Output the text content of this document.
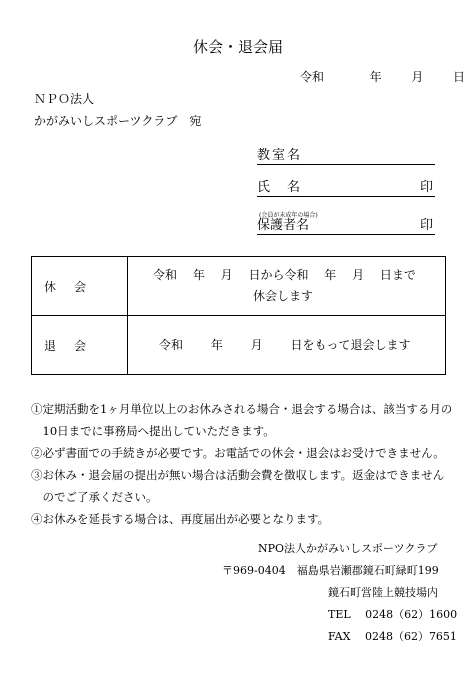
休会・退会届
令和	年 月 日
ＮＰＯ法人
かがみいしスポーツクラブ　宛
教室名
氏　名	印
(会員が未成年の場合)
保護者名	印
休会	令和　 年　 月　 日から令和　 年　 月　 日まで
休会します

退会	令和　　 年　　 月　　 日をもって退会します
①定期活動を1ヶ月単位以上のお休みされる場合・退会する場合は、該当する月の
　10日までに事務局へ提出していただきます。
②必ず書面での手続きが必要です。お電話での休会・退会はお受けできません。
③お休み・退会届の提出が無い場合は活動会費を徴収します。返金はできません
　のでご了承ください。
④お休みを延長する場合は、再度届出が必要となります。
NPO法人かがみいしスポーツクラブ
〒969-0404　福島県岩瀬郡鏡石町緑町199
鏡石町営陸上競技場内
TEL　 0248（62）1600
FAX　 0248（62）7651
